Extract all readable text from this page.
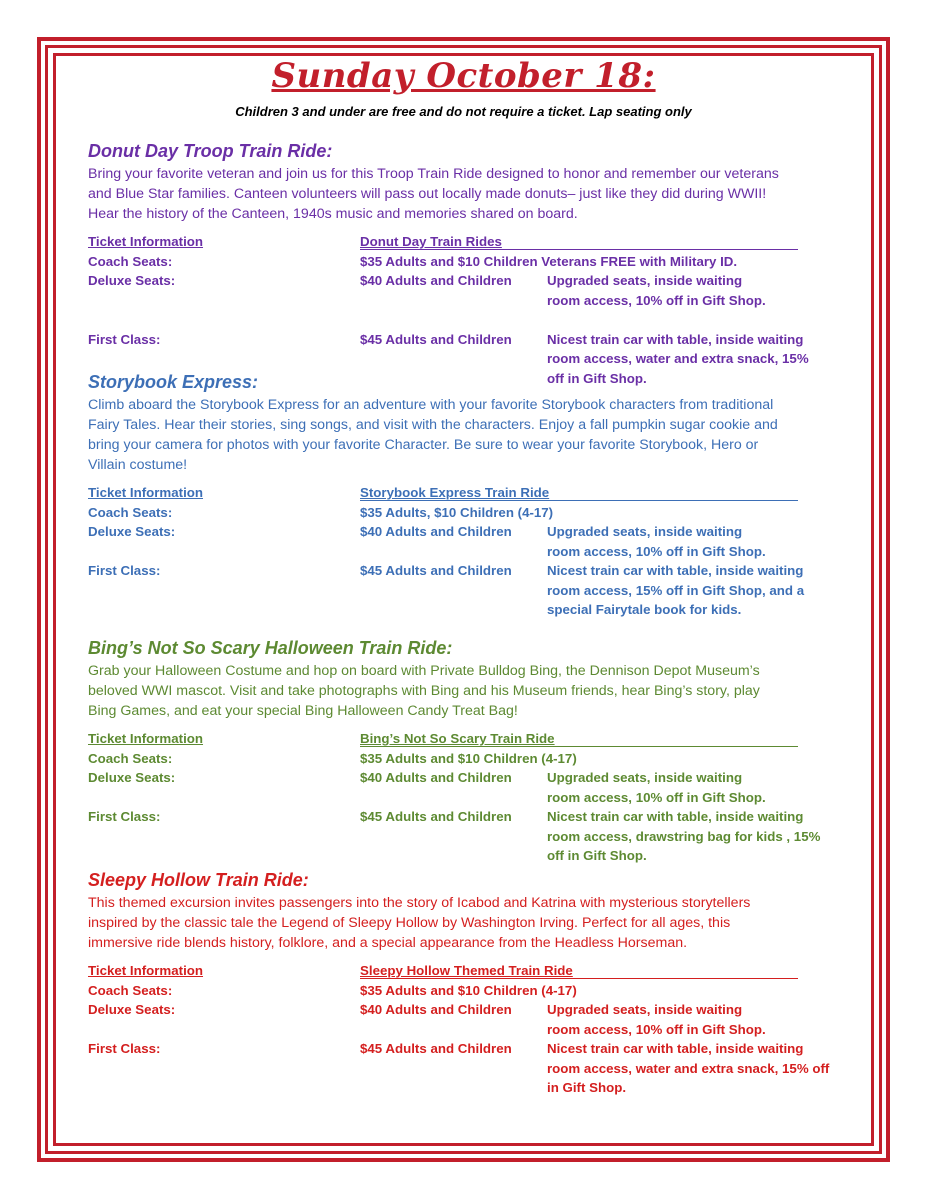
Sunday October 18:
Children 3 and under are free and do not require a ticket. Lap seating only
Donut Day Troop Train Ride:
Bring your favorite veteran and join us for this Troop Train Ride designed to honor and remember our veterans
and Blue Star families. Canteen volunteers will pass out locally made donuts– just like they did during WWII!
Hear the history of the Canteen, 1940s music and memories shared on board.
Ticket Information	Donut Day Train Rides
Coach Seats:	$35 Adults and $10 Children Veterans FREE with Military ID.
Deluxe Seats:	$40 Adults and Children	Upgraded seats, inside waiting
room access, 10% off in Gift Shop.
First Class:	$45 Adults and Children	Nicest train car with table, inside waiting
room access, water and extra snack, 15%
off in Gift Shop.
Storybook Express:
Climb aboard the Storybook Express for an adventure with your favorite Storybook characters from traditional
Fairy Tales. Hear their stories, sing songs, and visit with the characters. Enjoy a fall pumpkin sugar cookie and
bring your camera for photos with your favorite Character. Be sure to wear your favorite Storybook, Hero or
Villain costume!
Ticket Information	Storybook Express Train Ride
Coach Seats:	$35 Adults, $10 Children (4-17)
Deluxe Seats:	$40 Adults and Children	Upgraded seats, inside waiting
room access, 10% off in Gift Shop.
First Class:	$45 Adults and Children	Nicest train car with table, inside waiting
room access, 15% off in Gift Shop, and a
special Fairytale book for kids.
Bing’s Not So Scary Halloween Train Ride:
Grab your Halloween Costume and hop on board with Private Bulldog Bing, the Dennison Depot Museum’s
beloved WWI mascot. Visit and take photographs with Bing and his Museum friends, hear Bing’s story, play
Bing Games, and eat your special Bing Halloween Candy Treat Bag!
Ticket Information	Bing’s Not So Scary Train Ride
Coach Seats:	$35 Adults and $10 Children (4-17)
Deluxe Seats:	$40 Adults and Children	Upgraded seats, inside waiting
room access, 10% off in Gift Shop.
First Class:	$45 Adults and Children	Nicest train car with table, inside waiting
room access, drawstring bag for kids , 15%
off in Gift Shop.
Sleepy Hollow Train Ride:
This themed excursion invites passengers into the story of Icabod and Katrina with mysterious storytellers
inspired by the classic tale the Legend of Sleepy Hollow by Washington Irving. Perfect for all ages, this
immersive ride blends history, folklore, and a special appearance from the Headless Horseman.
Ticket Information	Sleepy Hollow Themed Train Ride
Coach Seats:	$35 Adults and $10 Children (4-17)
Deluxe Seats:	$40 Adults and Children	Upgraded seats, inside waiting
room access, 10% off in Gift Shop.
First Class:	$45 Adults and Children	Nicest train car with table, inside waiting
room access, water and extra snack, 15% off
in Gift Shop.
